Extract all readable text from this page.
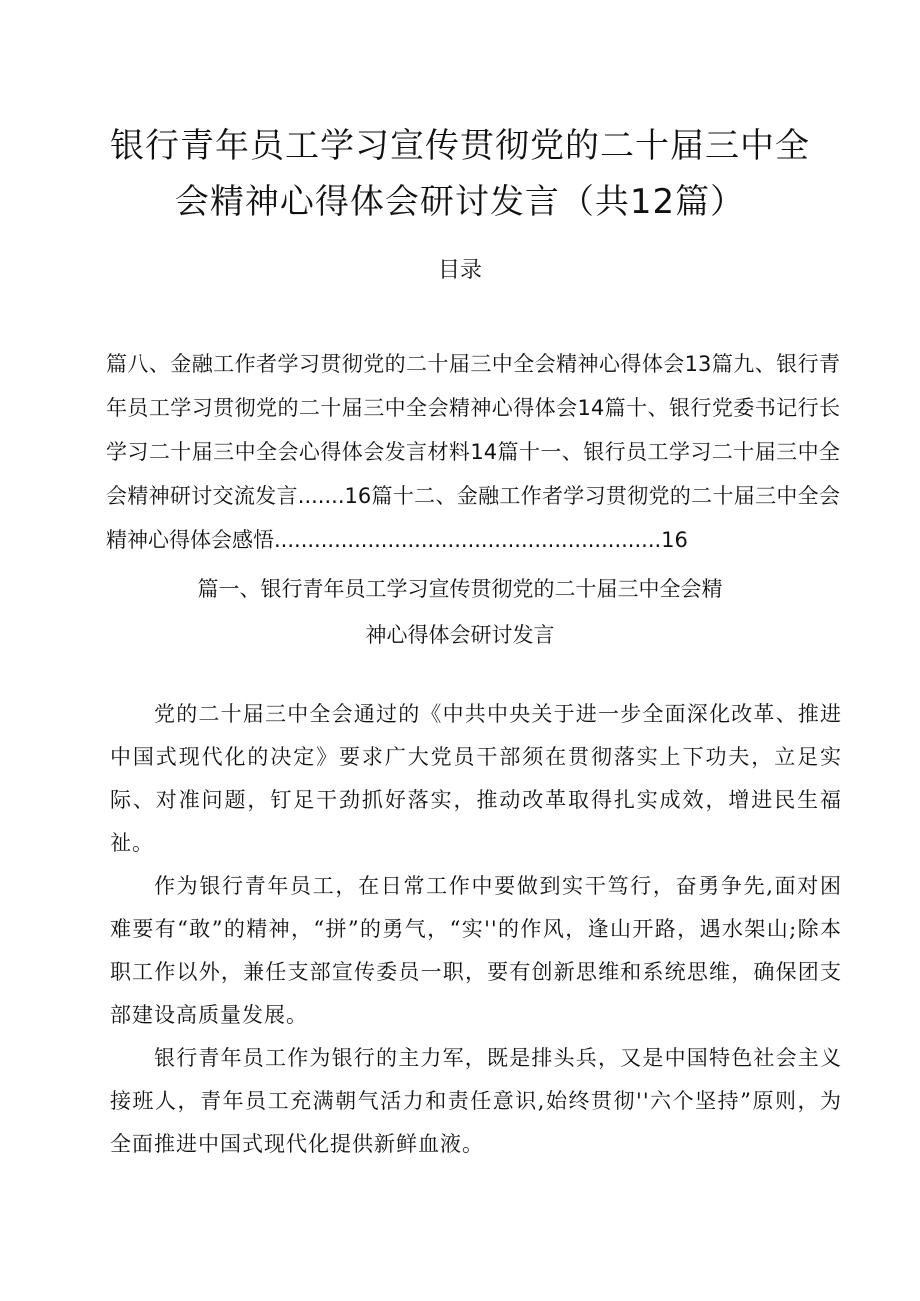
银行青年员工学习宣传贯彻党的二十届三中全
会精神心得体会研讨发言（共12篇）
目录
篇八、金融工作者学习贯彻党的二十届三中全会精神心得体会13篇九、银行青年员工学习贯彻党的二十届三中全会精神心得体会14篇十、银行党委书记行长学习二十届三中全会心得体会发言材料14篇十一、银行员工学习二十届三中全会精神研讨交流发言.......16篇十二、金融工作者学习贯彻党的二十届三中全会精神心得体会感悟..........................................................16
篇一、银行青年员工学习宣传贯彻党的二十届三中全会精
神心得体会研讨发言

党的二十届三中全会通过的《中共中央关于进一步全面深化改革、推进中国式现代化的决定》要求广大党员干部须在贯彻落实上下功夫，立足实际、对准问题，钉足干劲抓好落实，推动改革取得扎实成效，增进民生福祉。

作为银行青年员工，在日常工作中要做到实干笃行，奋勇争先,面对困难要有“敢”的精神，“拼”的勇气，“实''的作风，逢山开路，遇水架山;除本职工作以外，兼任支部宣传委员一职，要有创新思维和系统思维，确保团支部建设高质量发展。

银行青年员工作为银行的主力军，既是排头兵，又是中国特色社会主义接班人，青年员工充满朝气活力和责任意识,始终贯彻''六个坚持”原则，为全面推进中国式现代化提供新鲜血液。
